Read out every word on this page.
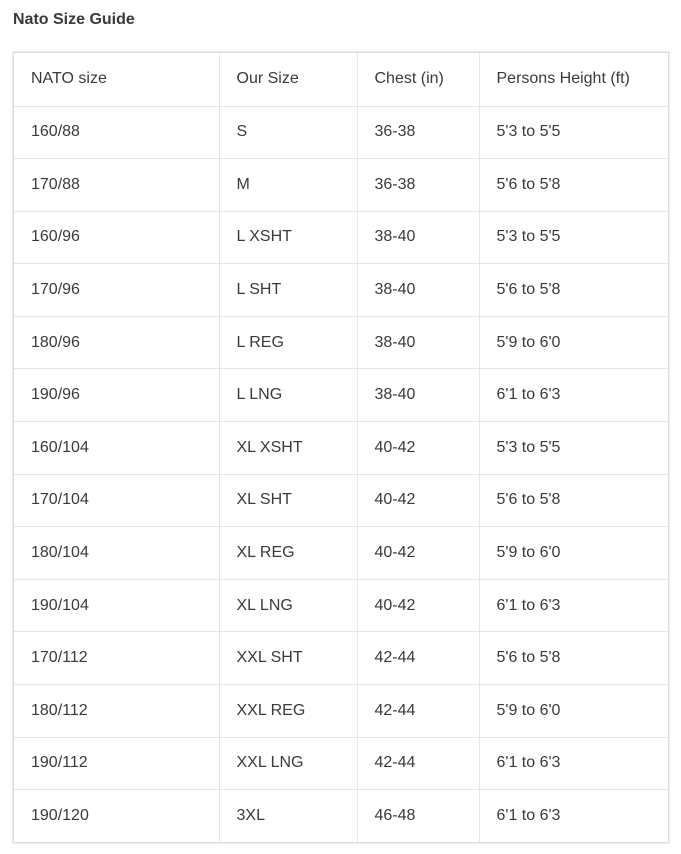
Nato Size Guide
NATO size	Our Size	Chest (in)	Persons Height (ft)
160/88	S	36-38	5'3 to 5'5
170/88	M	36-38	5'6 to 5'8
160/96	L XSHT	38-40	5'3 to 5'5
170/96	L SHT	38-40	5'6 to 5'8
180/96	L REG	38-40	5'9 to 6'0
190/96	L LNG	38-40	6'1 to 6'3
160/104	XL XSHT	40-42	5'3 to 5'5
170/104	XL SHT	40-42	5'6 to 5'8
180/104	XL REG	40-42	5'9 to 6'0
190/104	XL LNG	40-42	6'1 to 6'3
170/112	XXL SHT	42-44	5'6 to 5'8
180/112	XXL REG	42-44	5'9 to 6'0
190/112	XXL LNG	42-44	6'1 to 6'3
190/120	3XL	46-48	6'1 to 6'3
